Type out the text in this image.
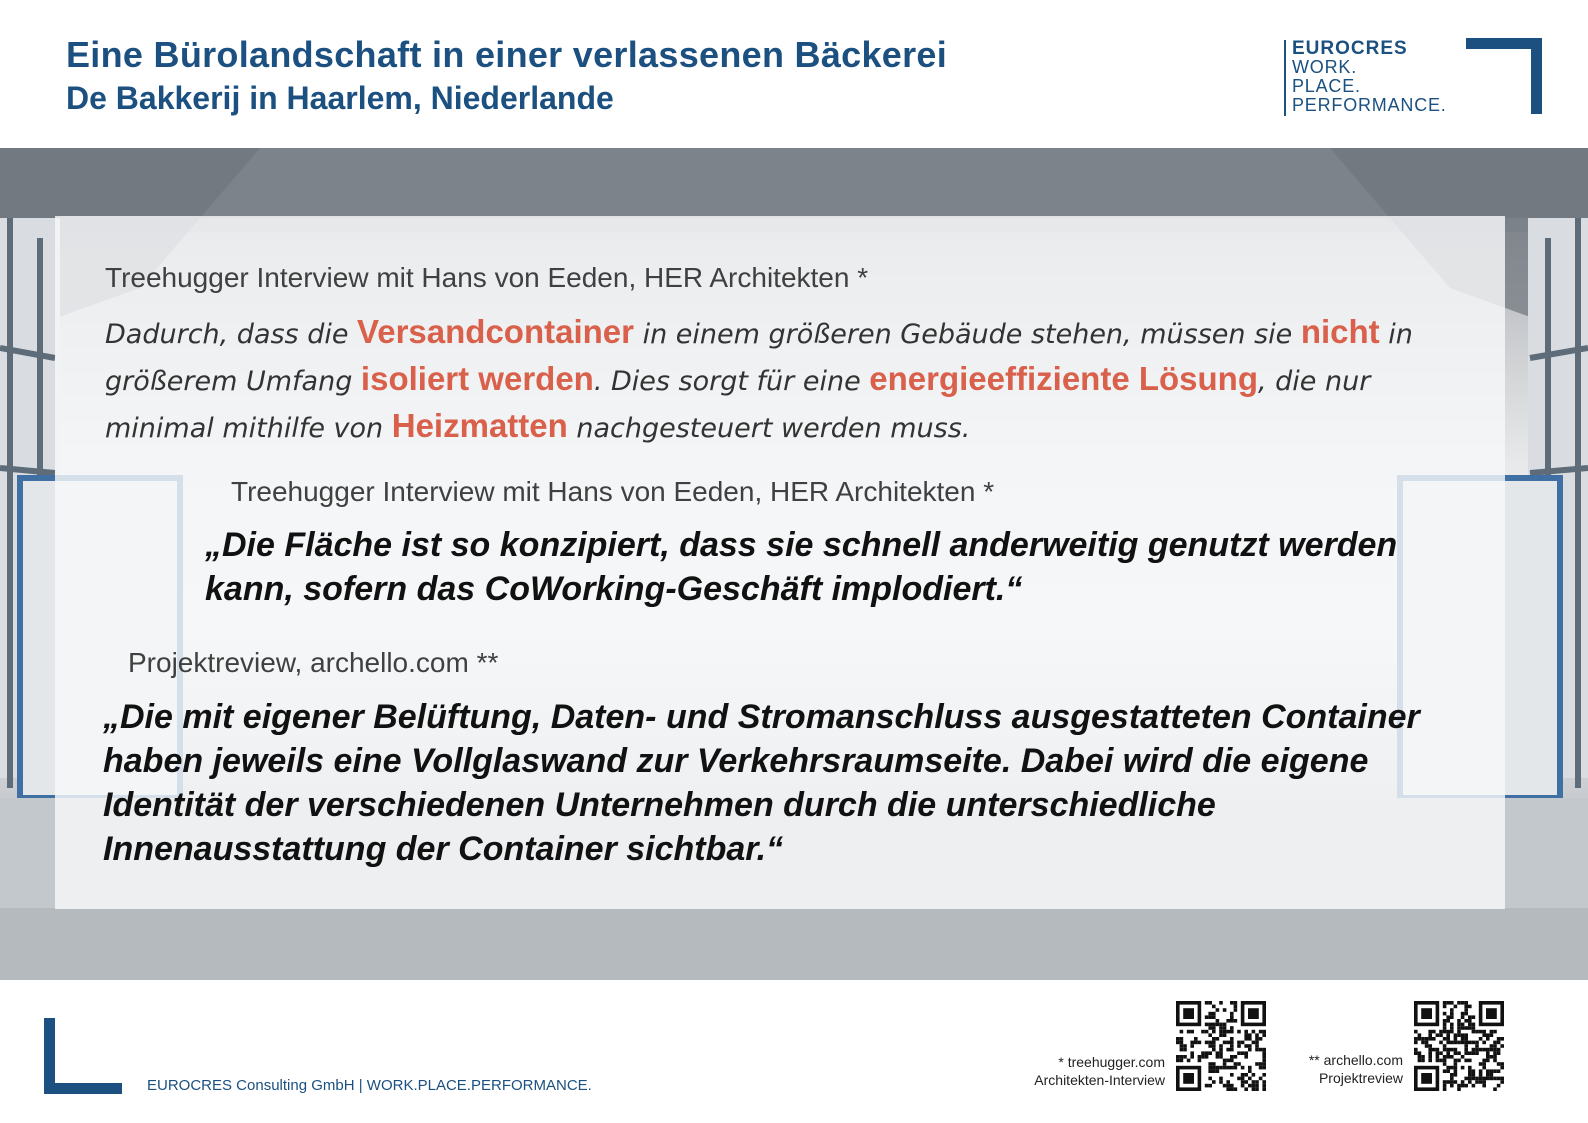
Eine Bürolandschaft in einer verlassenen Bäckerei
De Bakkerij in Haarlem, Niederlande
EUROCRES
WORK.
PLACE.
PERFORMANCE.

Treehugger Interview mit Hans von Eeden, HER Architekten *

Dadurch, dass die Versandcontainer in einem größeren Gebäude stehen, müssen sie nicht in größerem Umfang isoliert werden. Dies sorgt für eine energieeffiziente Lösung, die nur minimal mithilfe von Heizmatten nachgesteuert werden muss.

Treehugger Interview mit Hans von Eeden, HER Architekten *

„Die Fläche ist so konzipiert, dass sie schnell anderweitig genutzt werden kann, sofern das CoWorking-Geschäft implodiert.“

Projektreview, archello.com **

„Die mit eigener Belüftung, Daten- und Stromanschluss ausgestatteten Container haben jeweils eine Vollglaswand zur Verkehrsraumseite. Dabei wird die eigene Identität der verschiedenen Unternehmen durch die unterschiedliche Innenausstattung der Container sichtbar.“

EUROCRES Consulting GmbH | WORK.PLACE.PERFORMANCE.

* treehugger.com
Architekten-Interview

** archello.com
Projektreview
